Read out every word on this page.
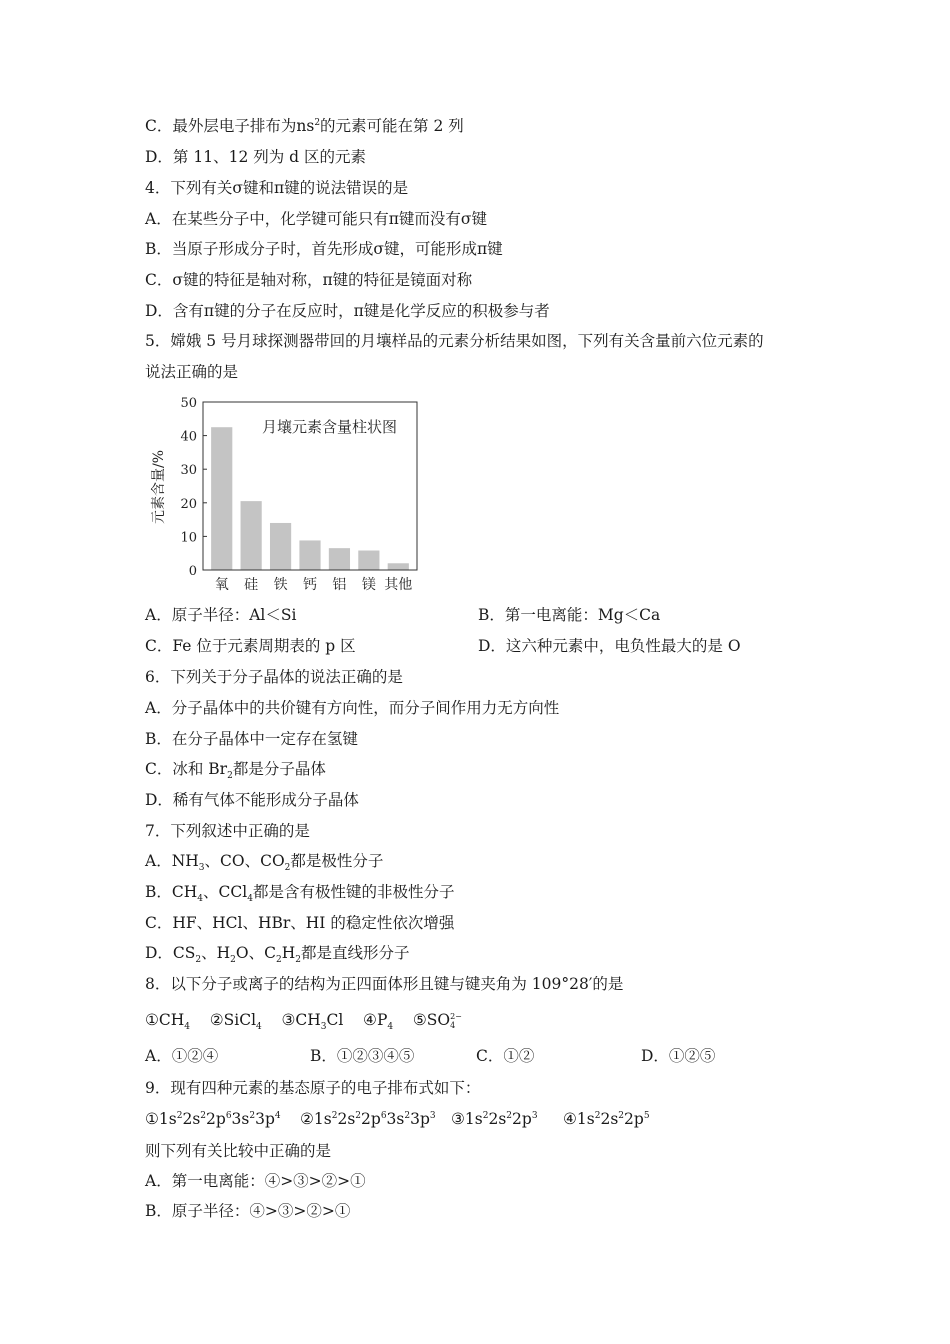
C．最外层电子排布为$ns^2$的元素可能在第 2 列
D．第 11、12 列为 d 区的元素
4．下列有关σ键和π键的说法错误的是
A．在某些分子中，化学键可能只有π键而没有σ键
B．当原子形成分子时，首先形成σ键，可能形成π键
C．σ键的特征是轴对称，π键的特征是镜面对称
D．含有π键的分子在反应时，π键是化学反应的积极参与者
5．嫦娥 5 号月球探测器带回的月壤样品的元素分析结果如图，下列有关含量前六位元素的
说法正确的是
0
10
20
30
40
50
氧 硅 铁 钙 铝 镁 其他
月壤元素含量柱状图
元素含量/%
A．原子半径：Al＜Si	B．第一电离能：Mg＜Ca
C．Fe 位于元素周期表的 p 区	D．这六种元素中，电负性最大的是 O
6．下列关于分子晶体的说法正确的是
A．分子晶体中的共价键有方向性，而分子间作用力无方向性
B．在分子晶体中一定存在氢键
C．冰和 $Br_2$都是分子晶体
D．稀有气体不能形成分子晶体
7．下列叙述中正确的是
A．$NH_3$、CO、$CO_2$都是极性分子
B．$CH_4$、CCl$_4$都是含有极性键的非极性分子
C．HF、HCl、HBr、HI 的稳定性依次增强
D．$CS_2$、$H_2O$、$C_2H_2$都是直线形分子
8．以下分子或离子的结构为正四面体形且键与键夹角为 109°28′的是
$①CH_4$ ②SiCl$_4$ $③CH_3Cl$ $④P_4$ ⑤SO 2−
4
A．①②④	B．①②③④⑤	C．①②	D．①②⑤
9．现有四种元素的基态原子的电子排布式如下：
$①1s^22s^22p^63s^23p^4$ $②1s^22s^22p^63s^23p^3$ $③1s^22s^22p^3$ $④1s^22s^22p^5$
则下列有关比较中正确的是
A．第一电离能：④>③>②>①
B．原子半径：④>③>②>①
